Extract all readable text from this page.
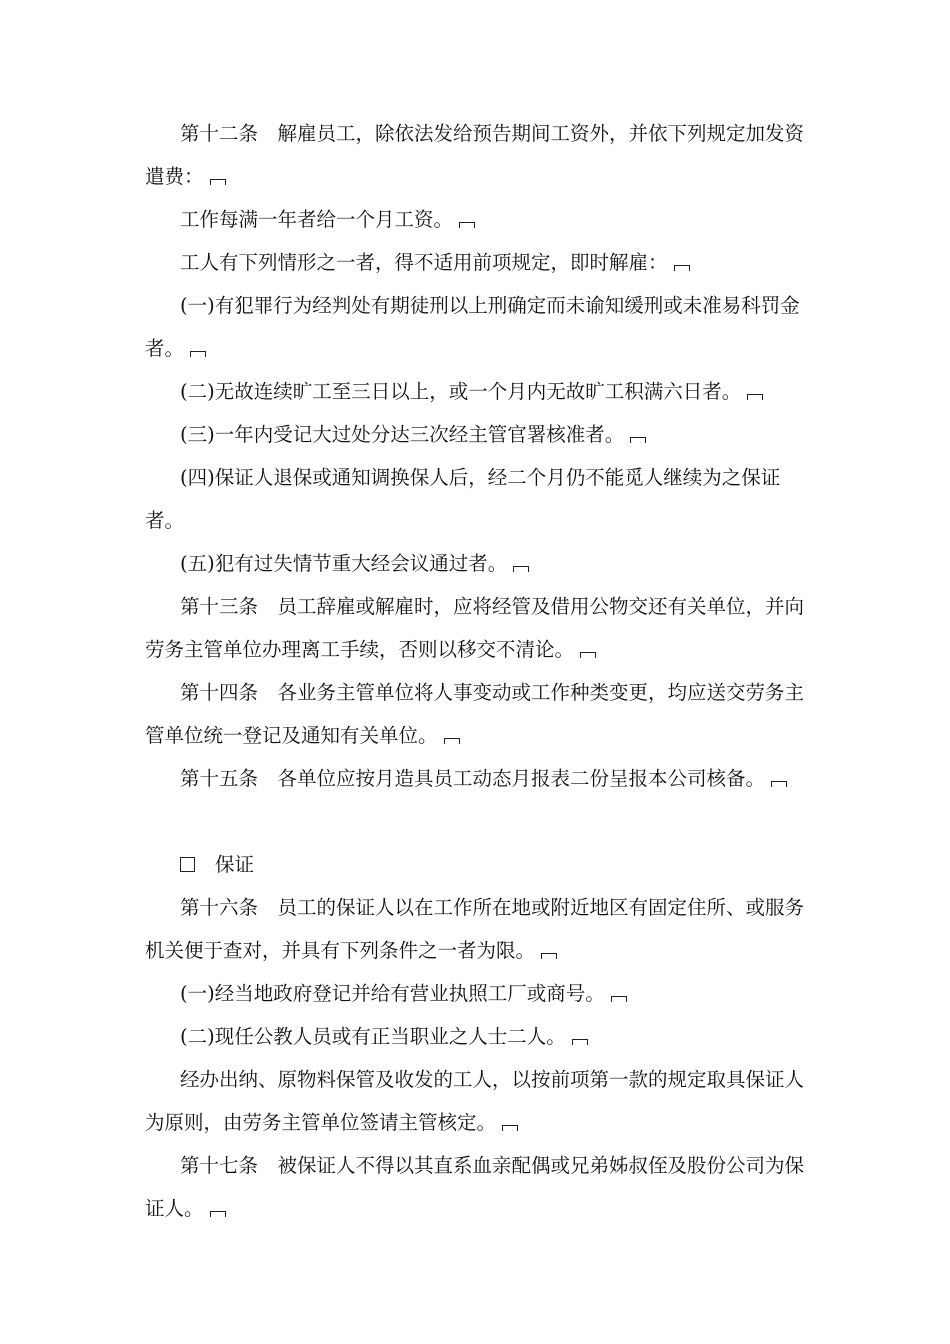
第十二条　解雇员工，除依法发给预告期间工资外，并依下列规定加发资遣费：

工作每满一年者给一个月工资。

工人有下列情形之一者，得不适用前项规定，即时解雇：

(一)有犯罪行为经判处有期徒刑以上刑确定而未谕知缓刑或未准易科罚金者。

(二)无故连续旷工至三日以上，或一个月内无故旷工积满六日者。

(三)一年内受记大过处分达三次经主管官署核准者。

(四)保证人退保或通知调换保人后，经二个月仍不能觅人继续为之保证者。

(五)犯有过失情节重大经会议通过者。

第十三条　员工辞雇或解雇时，应将经管及借用公物交还有关单位，并向劳务主管单位办理离工手续，否则以移交不清论。

第十四条　各业务主管单位将人事变动或工作种类变更，均应送交劳务主管单位统一登记及通知有关单位。

第十五条　各单位应按月造具员工动态月报表二份呈报本公司核备。

保证

第十六条　员工的保证人以在工作所在地或附近地区有固定住所、或服务机关便于查对，并具有下列条件之一者为限。

(一)经当地政府登记并给有营业执照工厂或商号。

(二)现任公教人员或有正当职业之人士二人。

经办出纳、原物料保管及收发的工人，以按前项第一款的规定取具保证人为原则，由劳务主管单位签请主管核定。

第十七条　被保证人不得以其直系血亲配偶或兄弟姊叔侄及股份公司为保证人。
